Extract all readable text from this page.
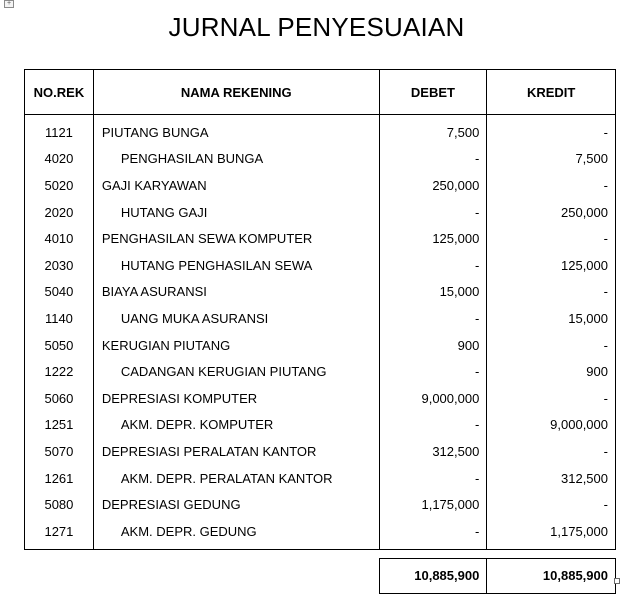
+
JURNAL PENYESUAIAN
NO.REK	NAMA REKENING	DEBET	KREDIT
1121	PIUTANG BUNGA	7,500	-
4020	PENGHASILAN BUNGA	-	7,500
5020	GAJI KARYAWAN	250,000	-
2020	HUTANG GAJI	-	250,000
4010	PENGHASILAN SEWA KOMPUTER	125,000	-
2030	HUTANG PENGHASILAN SEWA	-	125,000
5040	BIAYA ASURANSI	15,000	-
1140	UANG MUKA ASURANSI	-	15,000
5050	KERUGIAN PIUTANG	900	-
1222	CADANGAN KERUGIAN PIUTANG	-	900
5060	DEPRESIASI KOMPUTER	9,000,000	-
1251	AKM. DEPR. KOMPUTER	-	9,000,000
5070	DEPRESIASI PERALATAN KANTOR	312,500	-
1261	AKM. DEPR. PERALATAN KANTOR	-	312,500
5080	DEPRESIASI GEDUNG	1,175,000	-
1271	AKM. DEPR. GEDUNG	-	1,175,000

		10,885,900	10,885,900
